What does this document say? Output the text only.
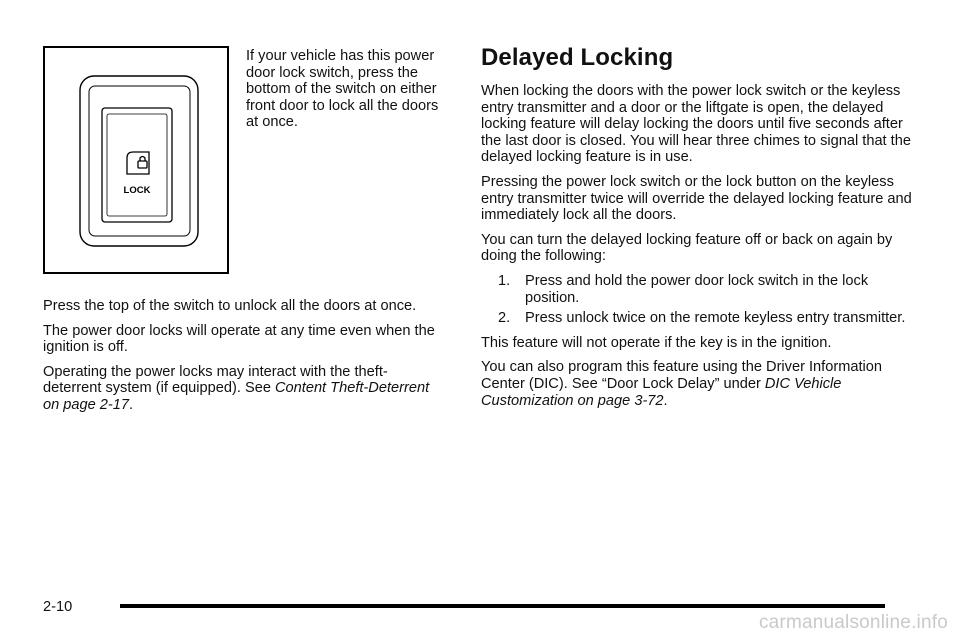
LOCK

If your vehicle has this power door lock switch, press the bottom of the switch on either front door to lock all the doors at once.

Press the top of the switch to unlock all the doors at once.

The power door locks will operate at any time even when the ignition is off.

Operating the power locks may interact with the theft-deterrent system (if equipped). See Content Theft-Deterrent on page 2-17.

Delayed Locking

When locking the doors with the power lock switch or the keyless entry transmitter and a door or the liftgate is open, the delayed locking feature will delay locking the doors until five seconds after the last door is closed. You will hear three chimes to signal that the delayed locking feature is in use.

Pressing the power lock switch or the lock button on the keyless entry transmitter twice will override the delayed locking feature and immediately lock all the doors.

You can turn the delayed locking feature off or back on again by doing the following:

1.	Press and hold the power door lock switch in the lock position.
2.	Press unlock twice on the remote keyless entry transmitter.

This feature will not operate if the key is in the ignition.

You can also program this feature using the Driver Information Center (DIC). See “Door Lock Delay” under DIC Vehicle Customization on page 3-72.

2-10
carmanualsonline.info
